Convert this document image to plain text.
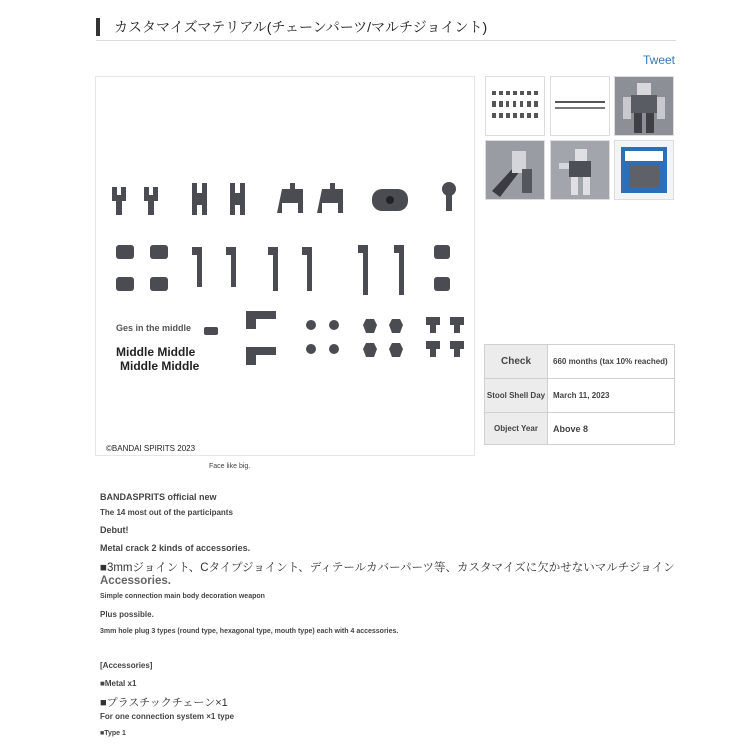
カスタマイズマテリアル(チェーンパーツ/マルチジョイント)
Tweet
Ges in the middle
Middle Middle
Middle Middle
©BANDAI SPIRITS 2023
Face like big.
Check	660 months (tax 10% reached)
Stool Shell Day	March 11, 2023
Object Year	Above 8
BANDASPRITS official new
The 14 most out of the participants
Debut!
Metal crack 2 kinds of accessories.
■3mmジョイント、Cタイプジョイント、ディテールカバーパーツ等、カスタマイズに欠かせないマルチジョイン
Accessories.
Simple connection main body decoration weapon
Plus possible.
3mm hole plug 3 types (round type, hexagonal type, mouth type) each with 4 accessories.
[Accessories]
■Metal x1
■プラスチックチェーン×1
For one connection system ×1 type
■Type 1
